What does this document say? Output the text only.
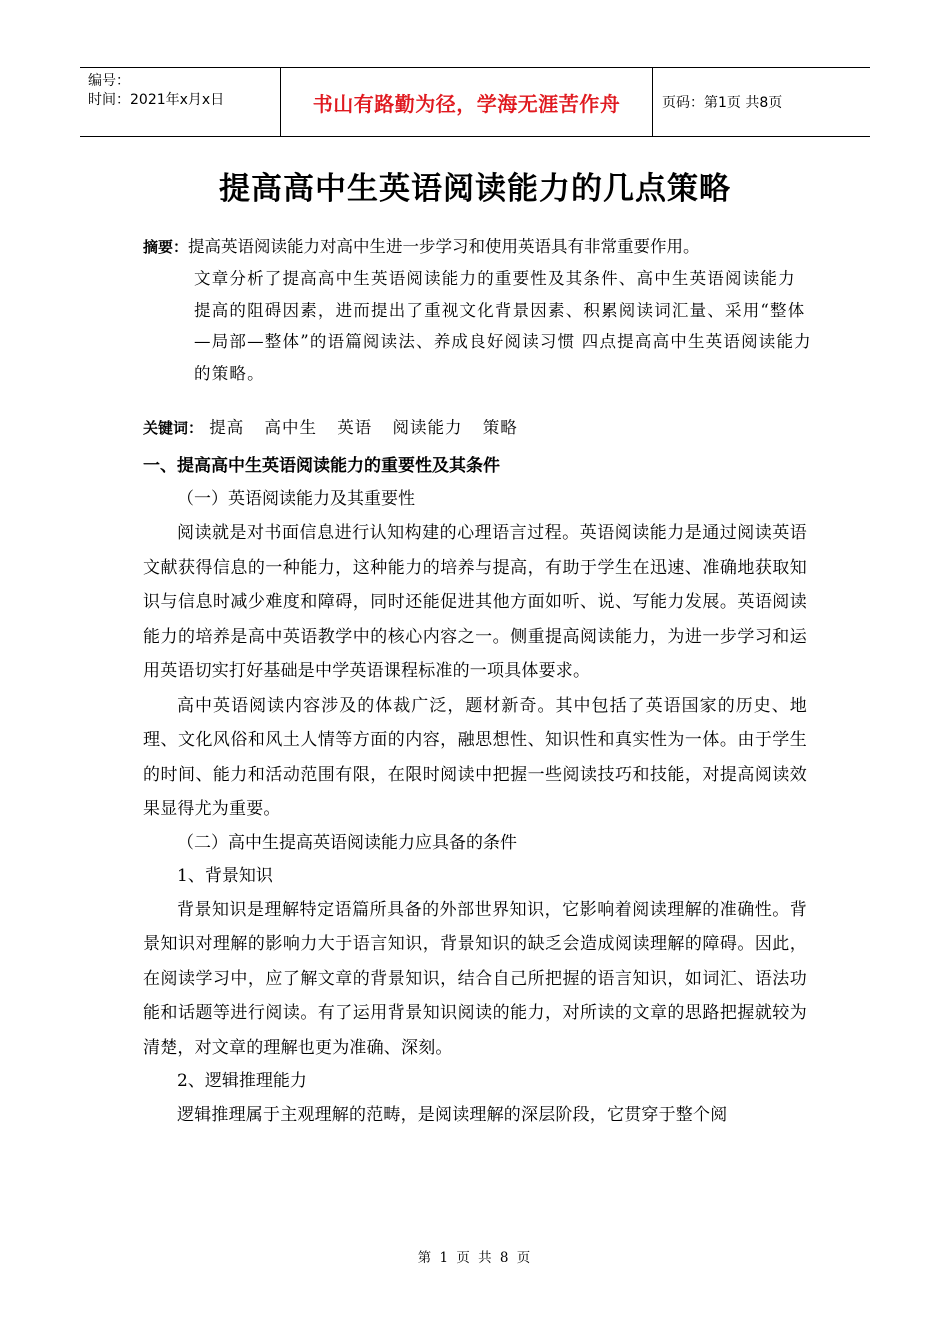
编号：
时间：2021年x月x日	书山有路勤为径，学海无涯苦作舟	页码：第1页 共8页
提高高中生英语阅读能力的几点策略
摘要：提高英语阅读能力对高中生进一步学习和使用英语具有非常重要作用。
文章分析了提高高中生英语阅读能力的重要性及其条件、高中生英语阅读能力提高的阻碍因素，进而提出了重视文化背景因素、积累阅读词汇量、采用“整体—局部—整体”的语篇阅读法、养成良好阅读习惯 四点提高高中生英语阅读能力的策略。
关键词： 提高 高中生 英语 阅读能力 策略
一、提高高中生英语阅读能力的重要性及其条件
（一）英语阅读能力及其重要性
阅读就是对书面信息进行认知构建的心理语言过程。英语阅读能力是通过阅读英语文献获得信息的一种能力，这种能力的培养与提高，有助于学生在迅速、准确地获取知识与信息时减少难度和障碍，同时还能促进其他方面如听、说、写能力发展。英语阅读能力的培养是高中英语教学中的核心内容之一。侧重提高阅读能力，为进一步学习和运用英语切实打好基础是中学英语课程标准的一项具体要求。
高中英语阅读内容涉及的体裁广泛，题材新奇。其中包括了英语国家的历史、地理、文化风俗和风土人情等方面的内容，融思想性、知识性和真实性为一体。由于学生的时间、能力和活动范围有限，在限时阅读中把握一些阅读技巧和技能，对提高阅读效果显得尤为重要。
（二）高中生提高英语阅读能力应具备的条件
1、背景知识
背景知识是理解特定语篇所具备的外部世界知识，它影响着阅读理解的准确性。背景知识对理解的影响力大于语言知识，背景知识的缺乏会造成阅读理解的障碍。因此，在阅读学习中，应了解文章的背景知识，结合自己所把握的语言知识，如词汇、语法功能和话题等进行阅读。有了运用背景知识阅读的能力，对所读的文章的思路把握就较为清楚，对文章的理解也更为准确、深刻。
2、逻辑推理能力
逻辑推理属于主观理解的范畴，是阅读理解的深层阶段，它贯穿于整个阅
第 1 页 共 8 页
